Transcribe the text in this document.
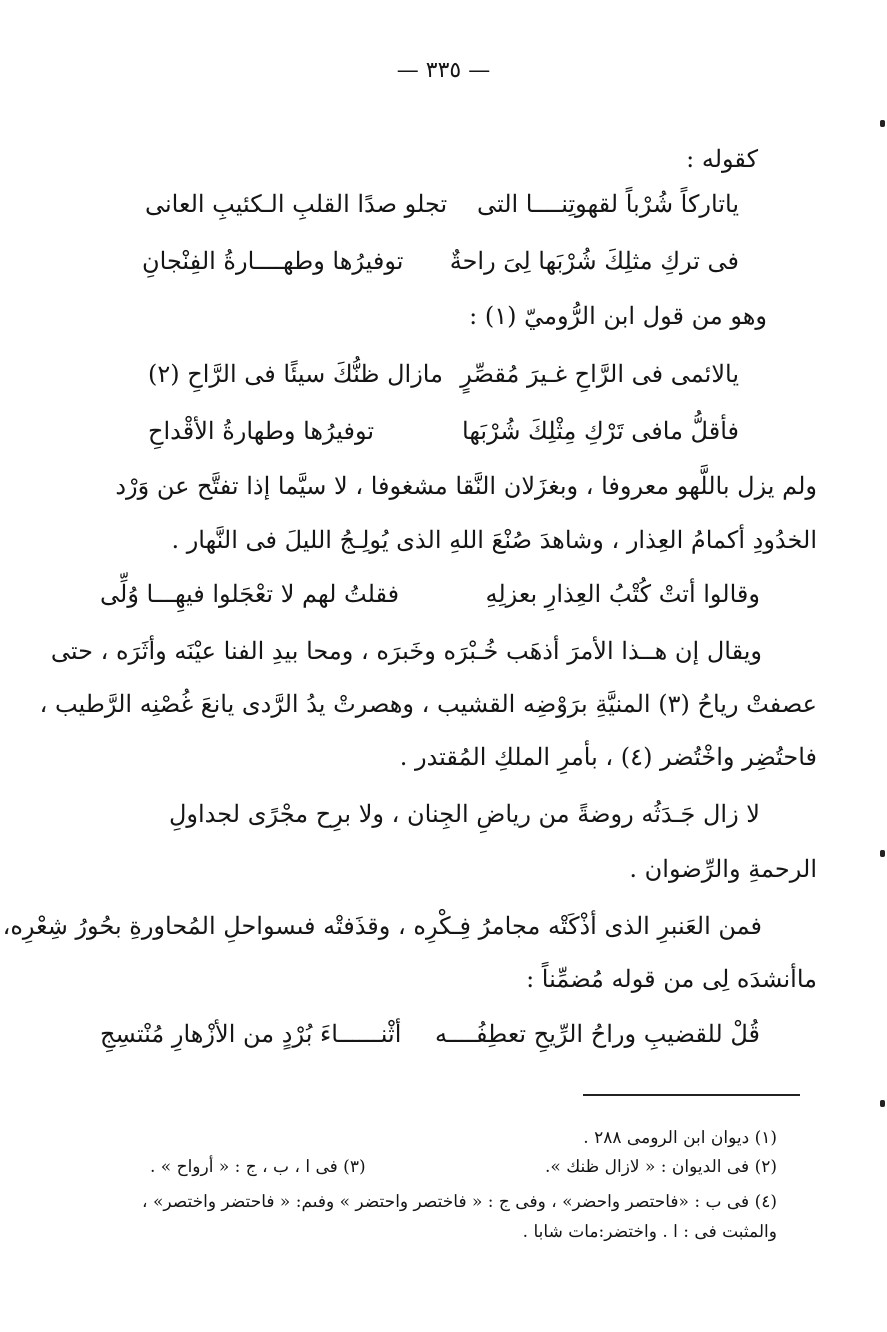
— ٣٣٥ —
كقوله :
ياتاركاً شُرْباً لقهوتِنــــا التى
تجلو صدًا القلبِ الـكئيبِ العانى
فى تركِ مثلِكَ شُرْبَها لِىَ راحةٌ
توفيرُها وطهــــارةُ الفِنْجانِ
وهو من قول ابن الرُّوميّ (١) :
يالائمى فى الرَّاحِ غـيرَ مُقصِّرٍ
مازال ظنُّكَ سيئًا فى الرَّاحِ (٢)
فأقلُّ مافى تَرْكِ مِثْلِكَ شُرْبَها
توفيرُها وطهارةُ الأقْداحِ
ولم يزل باللَّهو معروفا ، وبغزَلان النَّقا مشغوفا ، لا سيَّما إذا تفتَّح عن وَرْد
الخدُودِ أكمامُ العِذار ، وشاهدَ صُنْعَ اللهِ الذى يُولِـجُ الليلَ فى النَّهار .
وقالوا أتتْ كُتْبُ العِذارِ بعزلِهِ
فقلتُ لهم لا تعْجَلوا فيهِـــا وُلِّى
ويقال إن هــذا الأمرَ أذهَب خُـبْرَه وخَبرَه ، ومحا بيدِ الفنا عيْنَه وأثَرَه ، حتى
عصفتْ رياحُ (٣) المنيَّةِ برَوْضِه القشيب ، وهصرتْ يدُ الرَّدى يانعَ غُصْنِه الرَّطيب ،
فاحتُضِر واخْتُضر (٤) ، بأمرِ الملكِ المُقتدر .
لا زال جَـدَثُه روضةً من رياضِ الجِنان ، ولا برِح مجْرًى لجداولِ
الرحمةِ والرِّضوان .
فمن العَنبرِ الذى أذْكَتْه مجامرُ فِـكْرِه ، وقذَفتْه فىسواحلِ المُحاورةِ بحُورُ شِعْرِه،
ماأنشدَه لِى من قوله مُضمِّناً :
قُلْ للقضيبِ وراحُ الرِّيحِ تعطِفُــــه
أثْنــــــاءَ بُرْدٍ من الأزْهارِ مُنْتسِجِ
(١) ديوان ابن الرومى ٢٨٨ .
(٢) فى الديوان : « لازال ظنك ».
(٣) فى ا ، ب ، ج : « أرواح » .
(٤) فى ب : «فاحتصر واحضر» ، وفى ج : « فاختصر واحتضر » وفىم: « فاحتضر واختصر» ،
والمثبت فى : ا . واختضر:مات شابا .
